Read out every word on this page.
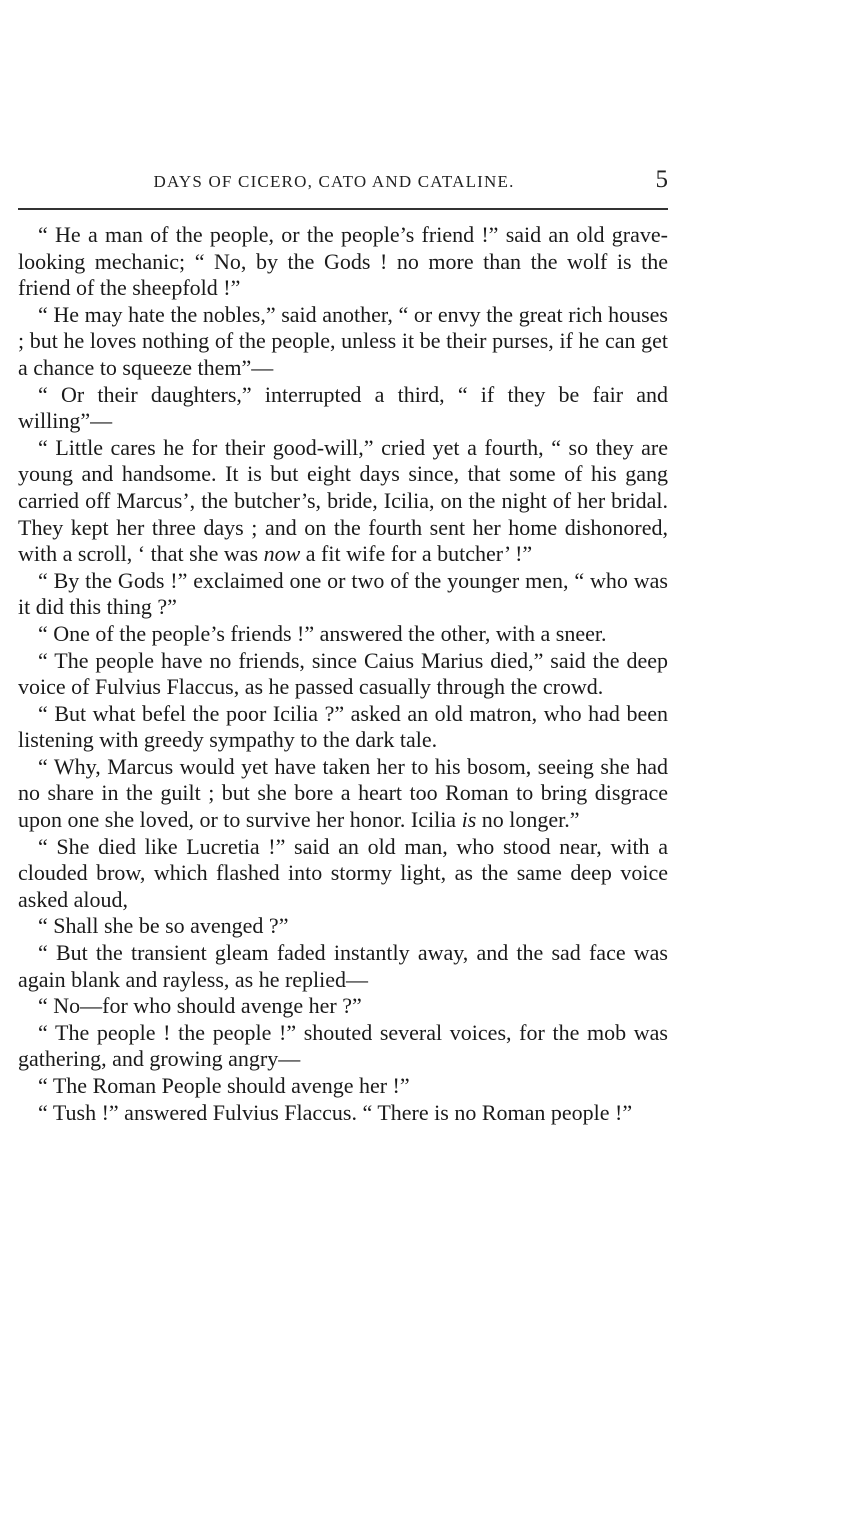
DAYS OF CICERO, CATO AND CATALINE.	5

“ He a man of the people, or the people’s friend !” said an old grave-looking mechanic; “ No, by the Gods ! no more than the wolf is the friend of the sheepfold !”

“ He may hate the nobles,” said another, “ or envy the great rich houses ; but he loves nothing of the people, unless it be their purses, if he can get a chance to squeeze them”—

“ Or their daughters,” interrupted a third, “ if they be fair and willing”—

“ Little cares he for their good-will,” cried yet a fourth, “ so they are young and handsome. It is but eight days since, that some of his gang carried off Marcus’, the butcher’s, bride, Icilia, on the night of her bridal. They kept her three days ; and on the fourth sent her home dishonored, with a scroll, ‘ that she was now a fit wife for a butcher’ !”

“ By the Gods !” exclaimed one or two of the younger men, “ who was it did this thing ?”

“ One of the people’s friends !” answered the other, with a sneer.

“ The people have no friends, since Caius Marius died,” said the deep voice of Fulvius Flaccus, as he passed casually through the crowd.

“ But what befel the poor Icilia ?” asked an old matron, who had been listening with greedy sympathy to the dark tale.

“ Why, Marcus would yet have taken her to his bosom, seeing she had no share in the guilt ; but she bore a heart too Roman to bring disgrace upon one she loved, or to survive her honor. Icilia is no longer.”

“ She died like Lucretia !” said an old man, who stood near, with a clouded brow, which flashed into stormy light, as the same deep voice asked aloud,

“ Shall she be so avenged ?”

“ But the transient gleam faded instantly away, and the sad face was again blank and rayless, as he replied—

“ No—for who should avenge her ?”

“ The people ! the people !” shouted several voices, for the mob was gathering, and growing angry—

“ The Roman People should avenge her !”

“ Tush !” answered Fulvius Flaccus. “ There is no Roman people !”
